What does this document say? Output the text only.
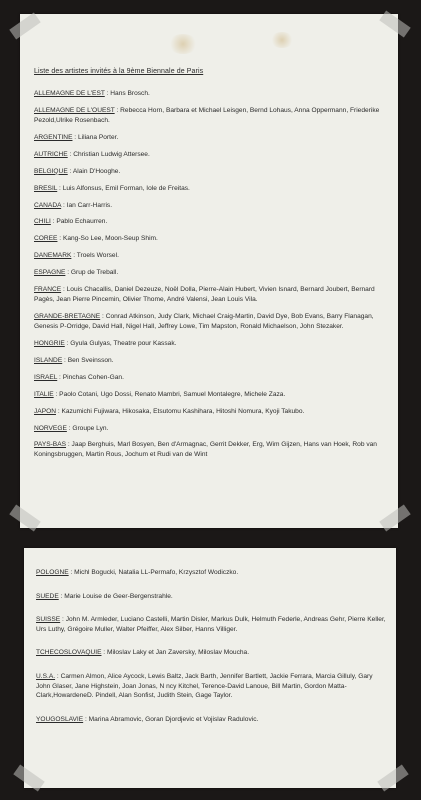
Liste des artistes invités à la 9ème Biennale de Paris
ALLEMAGNE DE L'EST : Hans Brosch.
ALLEMAGNE DE L'OUEST : Rebecca Horn, Barbara et Michael Leisgen, Bernd Lohaus, Anna Oppermann, Friederike Pezold,Ulrike Rosenbach.
ARGENTINE : Liliana Porter.
AUTRICHE : Christian Ludwig Attersee.
BELGIQUE : Alain D'Hooghe.
BRESIL : Luis Alfonsus, Emil Forman, Iole de Freitas.
CANADA : Ian Carr-Harris.
CHILI : Pablo Echaurren.
COREE : Kang-So Lee, Moon-Seup Shim.
DANEMARK : Troels Worsel.
ESPAGNE : Grup de Treball.
FRANCE : Louis Chacallis, Daniel Dezeuze, Noël Dolla, Pierre-Alain Hubert, Vivien Isnard, Bernard Joubert, Bernard Pagès, Jean Pierre Pincemin, Olivier Thome, André Valensi, Jean Louis Vila.
GRANDE-BRETAGNE : Conrad Atkinson, Judy Clark, Michael Craig-Martin, David Dye, Bob Evans, Barry Flanagan, Genesis P-Orridge, David Hall, Nigel Hall, Jeffrey Lowe, Tim Mapston, Ronald Michaelson, John Stezaker.
HONGRIE : Gyula Gulyas, Theatre pour Kassak.
ISLANDE : Ben Sveinsson.
ISRAEL : Pinchas Cohen-Gan.
ITALIE : Paolo Cotani, Ugo Dossi, Renato Mambri, Samuel Montalegre, Michele Zaza.
JAPON : Kazumichi Fujiwara, Hikosaka, Etsutomu Kashihara, Hitoshi Nomura, Kyoji Takubo.
NORVEGE : Groupe Lyn.
PAYS-BAS : Jaap Berghuis, Marl Bosyen, Ben d'Armagnac, Gerrit Dekker, Erg, Wim Gijzen, Hans van Hoek, Rob van Koningsbruggen, Martin Rous, Jochum et Rudi van de Wint
POLOGNE : Michl Bogucki, Natalia LL-Permafo, Krzysztof Wodiczko.
SUEDE : Marie Louise de Geer-Bergenstrahle.
SUISSE : John M. Armleder, Luciano Castelli, Martin Disler, Markus Dulk, Helmuth Federle, Andreas Gehr, Pierre Keller, Urs Luthy, Grégoire Muller, Walter Pfeiffer, Alex Silber, Hanns Villiger.
TCHECOSLOVAQUIE : Miloslav Laky et Jan Zaversky, Miloslav Moucha.
U.S.A. : Carmen Almon, Alice Aycock, Lewis Baltz, Jack Barth, Jennifer Bartlett, Jackie Ferrara, Marcia Gilluly, Gary John Glaser, Jane Highstein, Joan Jonas, N ncy Kitchel, Terence-David Lanoue, Bill Martin, Gordon Matta-Clark,HowardeneD. Pindell, Alan Sonfist, Judith Stein, Gage Taylor.
YOUGOSLAVIE : Marina Abramovic, Goran Djordjevic et Vojislav Radulovic.
